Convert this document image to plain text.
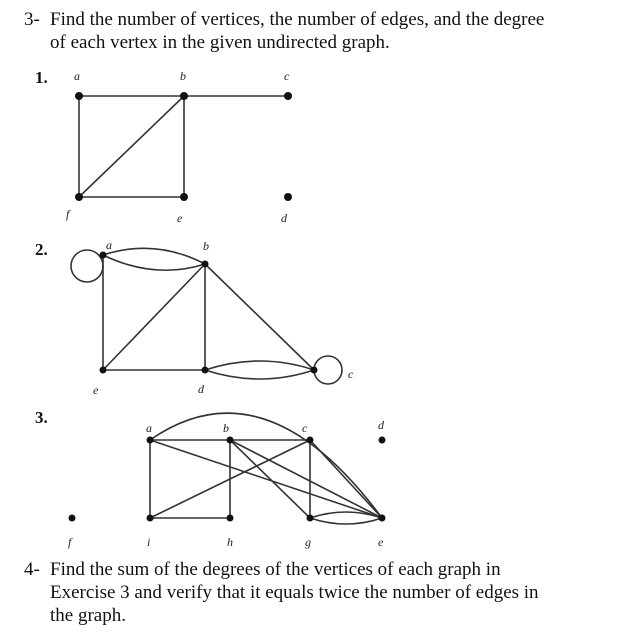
3- Find the number of vertices, the number of edges, and the degree
of each vertex in the given undirected graph.
1.
2.
3.
a	b	c
f	e	d
a	b
e	d
c
a	b	c	d
f	i	h	g	e
4- Find the sum of the degrees of the vertices of each graph in
Exercise 3 and verify that it equals twice the number of edges in
the graph.
